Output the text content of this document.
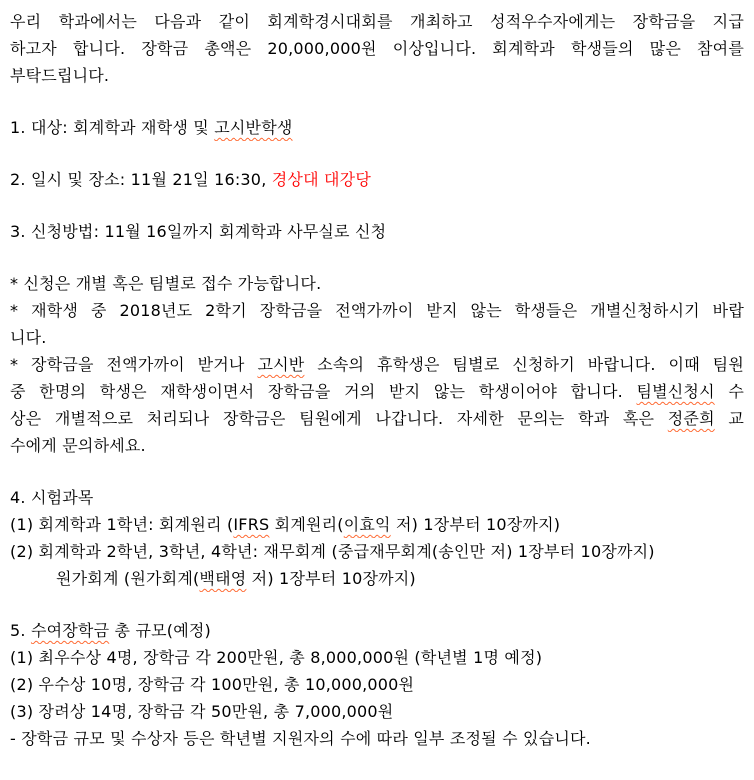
우리 학과에서는 다음과 같이 회계학경시대회를 개최하고 성적우수자에게는 장학금을 지급
하고자 합니다. 장학금 총액은 20,000,000원 이상입니다. 회계학과 학생들의 많은 참여를
부탁드립니다.
1. 대상: 회계학과 재학생 및 고시반학생
2. 일시 및 장소: 11월 21일 16:30, 경상대 대강당
3. 신청방법: 11월 16일까지 회계학과 사무실로 신청
* 신청은 개별 혹은 팀별로 접수 가능합니다.
* 재학생 중 2018년도 2학기 장학금을 전액가까이 받지 않는 학생들은 개별신청하시기 바랍
니다.
* 장학금을 전액가까이 받거나 고시반 소속의 휴학생은 팀별로 신청하기 바랍니다. 이때 팀원
중 한명의 학생은 재학생이면서 장학금을 거의 받지 않는 학생이어야 합니다. 팀별신청시 수
상은 개별적으로 처리되나 장학금은 팀원에게 나갑니다. 자세한 문의는 학과 혹은 정준희 교
수에게 문의하세요.
4. 시험과목
(1) 회계학과 1학년: 회계원리 (IFRS 회계원리(이효익 저) 1장부터 10장까지)
(2) 회계학과 2학년, 3학년, 4학년: 재무회계 (중급재무회계(송인만 저) 1장부터 10장까지)
원가회계 (원가회계(백태영 저) 1장부터 10장까지)
5. 수여장학금 총 규모(예정)
(1) 최우수상 4명, 장학금 각 200만원, 총 8,000,000원 (학년별 1명 예정)
(2) 우수상 10명, 장학금 각 100만원, 총 10,000,000원
(3) 장려상 14명, 장학금 각 50만원, 총 7,000,000원
- 장학금 규모 및 수상자 등은 학년별 지원자의 수에 따라 일부 조정될 수 있습니다.
